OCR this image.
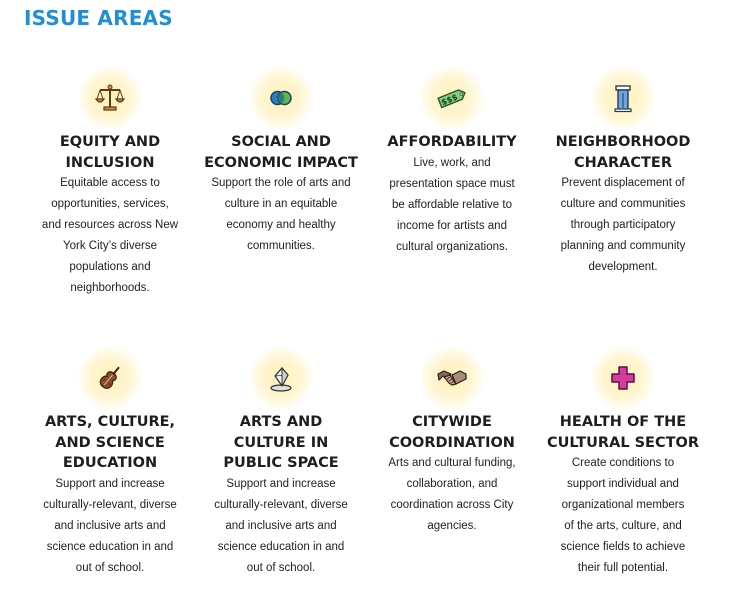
ISSUE AREAS
EQUITY AND
INCLUSION

Equitable access to
opportunities, services,
and resources across New
York City’s diverse
populations and
neighborhoods.

SOCIAL AND
ECONOMIC IMPACT

Support the role of arts and
culture in an equitable
economy and healthy
communities.

$$$
AFFORDABILITY

Live, work, and
presentation space must
be affordable relative to
income for artists and
cultural organizations.

NEIGHBORHOOD
CHARACTER

Prevent displacement of
culture and communities
through participatory
planning and community
development.

ARTS, CULTURE,
AND SCIENCE
EDUCATION

Support and increase
culturally-relevant, diverse
and inclusive arts and
science education in and
out of school.

ARTS AND
CULTURE IN
PUBLIC SPACE

Support and increase
culturally-relevant, diverse
and inclusive arts and
science education in and
out of school.

CITYWIDE
COORDINATION

Arts and cultural funding,
collaboration, and
coordination across City
agencies.

HEALTH OF THE
CULTURAL SECTOR

Create conditions to
support individual and
organizational members
of the arts, culture, and
science fields to achieve
their full potential.
